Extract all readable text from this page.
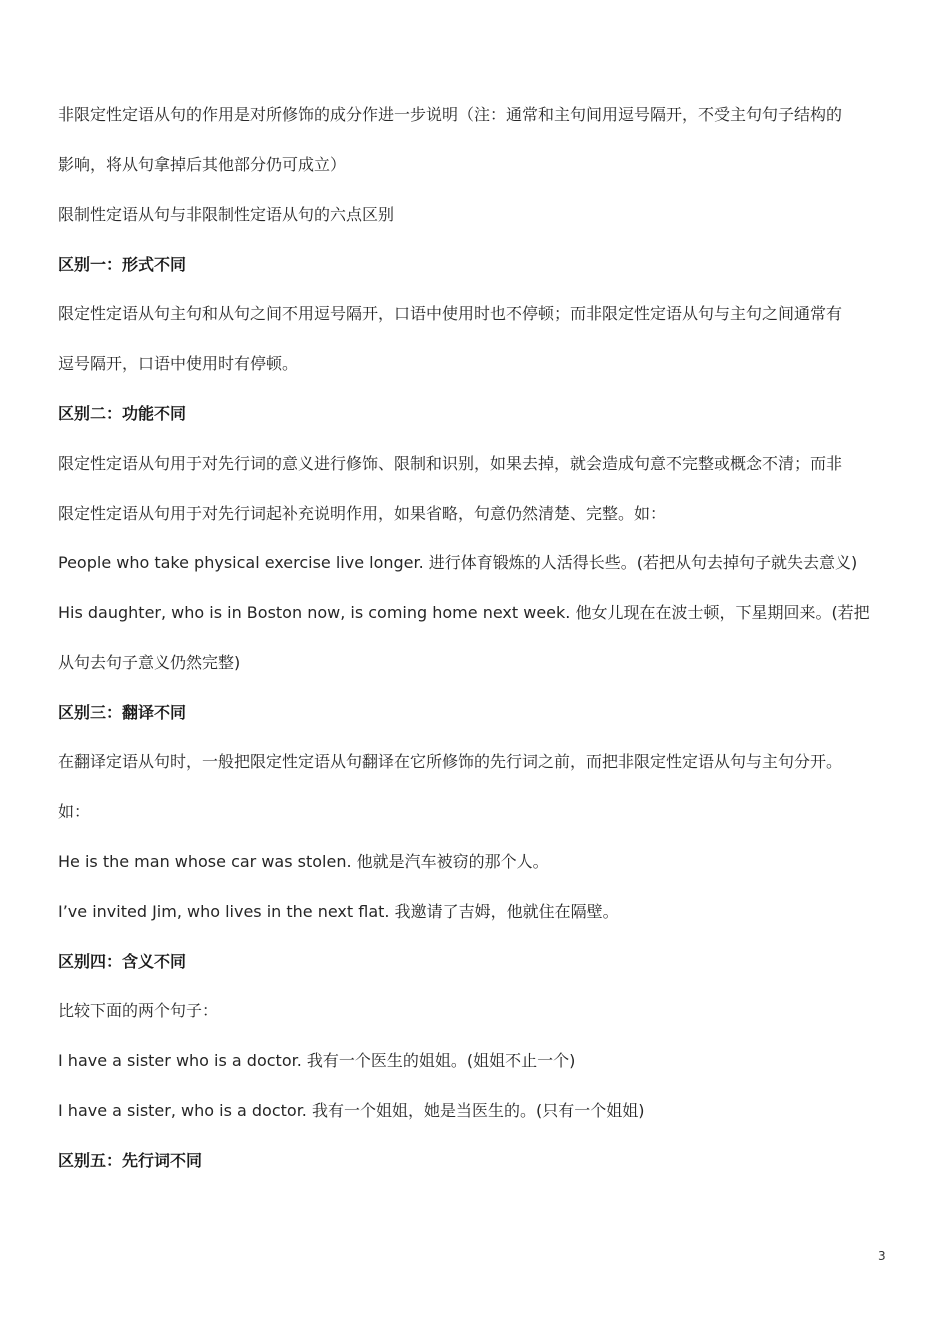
非限定性定语从句的作用是对所修饰的成分作进一步说明（注：通常和主句间用逗号隔开，不受主句句子结构的
影响，将从句拿掉后其他部分仍可成立）
限制性定语从句与非限制性定语从句的六点区别
区别一：形式不同
限定性定语从句主句和从句之间不用逗号隔开，口语中使用时也不停顿；而非限定性定语从句与主句之间通常有
逗号隔开，口语中使用时有停顿。
区别二：功能不同
限定性定语从句用于对先行词的意义进行修饰、限制和识别，如果去掉，就会造成句意不完整或概念不清；而非
限定性定语从句用于对先行词起补充说明作用，如果省略，句意仍然清楚、完整。如：
People who take physical exercise live longer. 进行体育锻炼的人活得长些。(若把从句去掉句子就失去意义)
His daughter, who is in Boston now, is coming home next week. 他女儿现在在波士顿，下星期回来。(若把
从句去句子意义仍然完整)
区别三：翻译不同
在翻译定语从句时，一般把限定性定语从句翻译在它所修饰的先行词之前，而把非限定性定语从句与主句分开。
如：
He is the man whose car was stolen. 他就是汽车被窃的那个人。
I’ve invited Jim, who lives in the next flat. 我邀请了吉姆，他就住在隔壁。
区别四：含义不同
比较下面的两个句子：
I have a sister who is a doctor. 我有一个医生的姐姐。(姐姐不止一个)
I have a sister, who is a doctor. 我有一个姐姐，她是当医生的。(只有一个姐姐)
区别五：先行词不同
3
